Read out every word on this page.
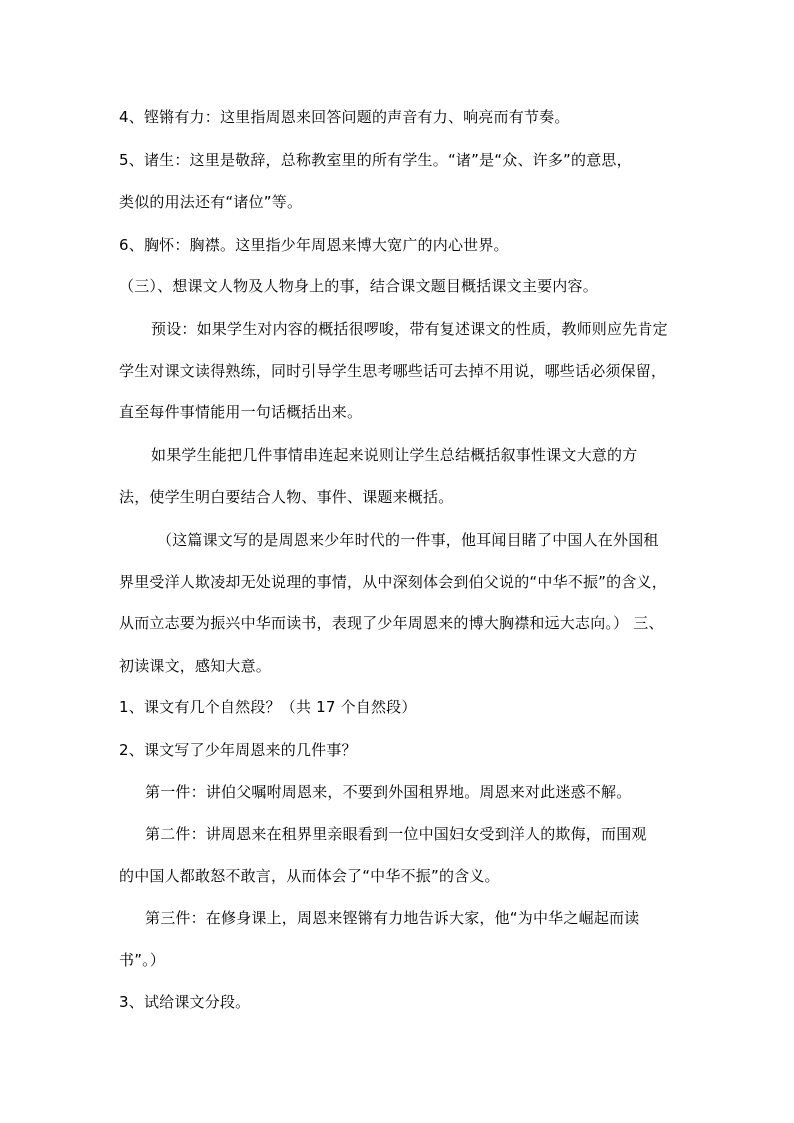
4、铿锵有力：这里指周恩来回答问题的声音有力、响亮而有节奏。
5、诸生：这里是敬辞，总称教室里的所有学生。“诸”是“众、许多”的意思，
类似的用法还有“诸位”等。
6、胸怀：胸襟。这里指少年周恩来博大宽广的内心世界。
（三）、想课文人物及人物身上的事，结合课文题目概括课文主要内容。
预设：如果学生对内容的概括很啰唆，带有复述课文的性质，教师则应先肯定
学生对课文读得熟练，同时引导学生思考哪些话可去掉不用说，哪些话必须保留，
直至每件事情能用一句话概括出来。
如果学生能把几件事情串连起来说则让学生总结概括叙事性课文大意的方
法，使学生明白要结合人物、事件、课题来概括。
（这篇课文写的是周恩来少年时代的一件事，他耳闻目睹了中国人在外国租
界里受洋人欺凌却无处说理的事情，从中深刻体会到伯父说的“中华不振”的含义，
从而立志要为振兴中华而读书，表现了少年周恩来的博大胸襟和远大志向。） 三、
初读课文，感知大意。
1、课文有几个自然段？（共 17 个自然段）
2、课文写了少年周恩来的几件事？
第一件：讲伯父嘱咐周恩来，不要到外国租界地。周恩来对此迷惑不解。
第二件：讲周恩来在租界里亲眼看到一位中国妇女受到洋人的欺侮，而围观
的中国人都敢怒不敢言，从而体会了“中华不振”的含义。
第三件：在修身课上，周恩来铿锵有力地告诉大家，他“为中华之崛起而读
书”。）
3、试给课文分段。
